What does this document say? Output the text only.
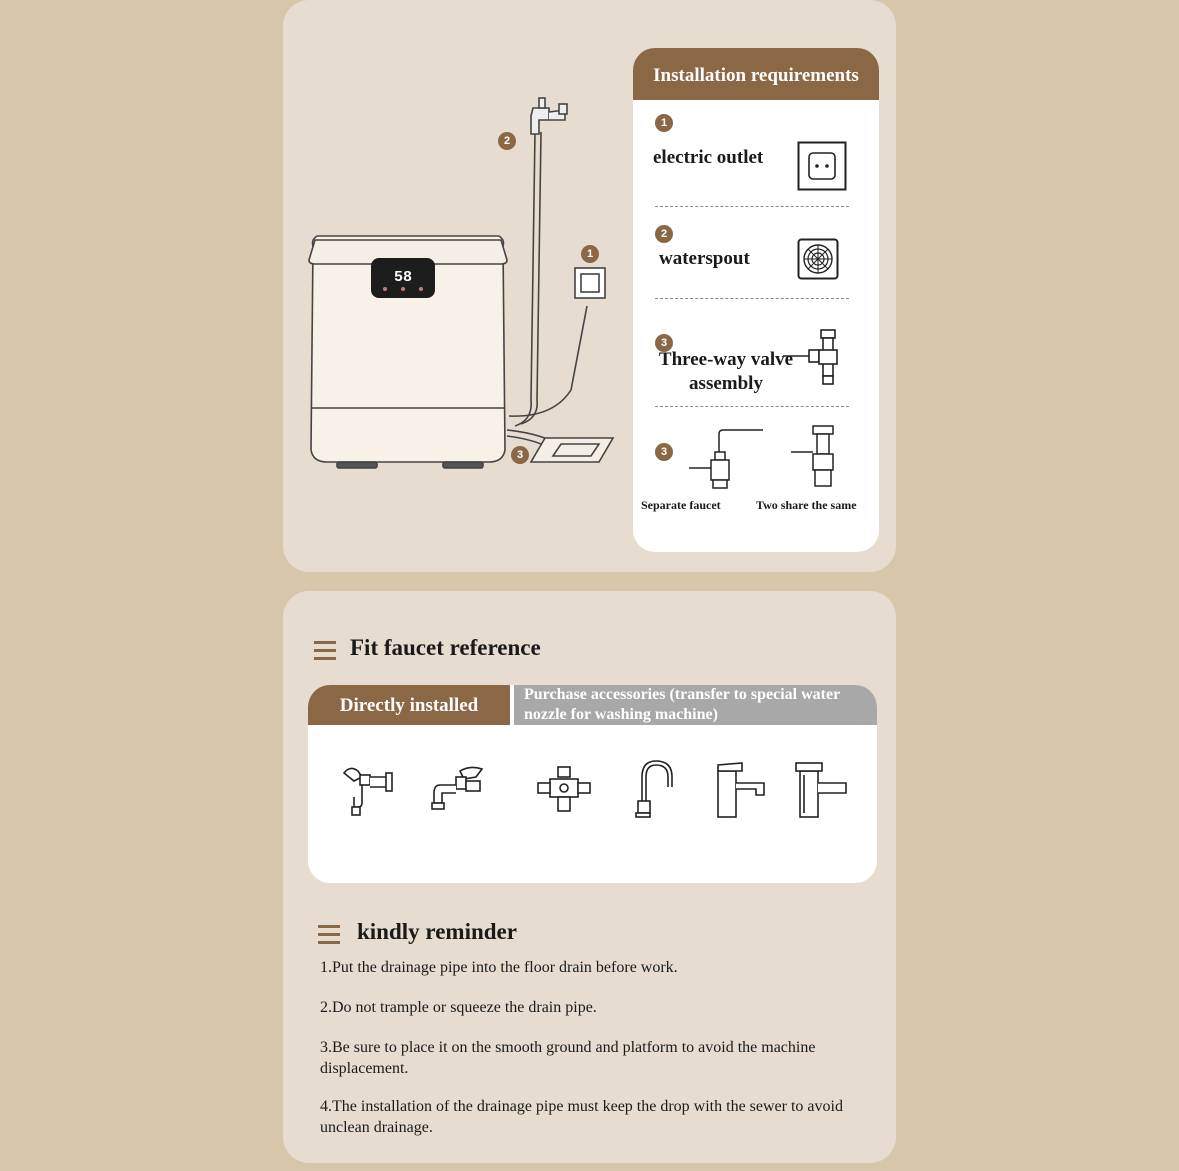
58
2
1
3
Installation requirements
1
electric outlet
2
waterspout
3
Three-way valve assembly
3
Separate faucet	Two share the same
Fit faucet reference
Directly installed
Purchase accessories (transfer to special water nozzle for washing machine)
kindly reminder
1.Put the drainage pipe into the floor drain before work.
2.Do not trample or squeeze the drain pipe.
3.Be sure to place it on the smooth ground and platform to avoid the machine displacement.
4.The installation of the drainage pipe must keep the drop with the sewer to avoid unclean drainage.
